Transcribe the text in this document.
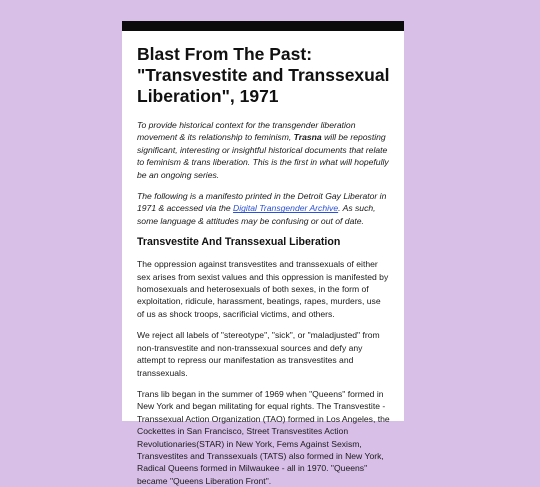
Blast From The Past: "Transvestite and Transsexual Liberation", 1971

To provide historical context for the transgender liberation movement & its relationship to feminism, Trasna will be reposting significant, interesting or insightful historical documents that relate to feminism & trans liberation. This is the first in what will hopefully be an ongoing series.

The following is a manifesto printed in the Detroit Gay Liberator in 1971 & accessed via the Digital Transgender Archive. As such, some language & attitudes may be confusing or out of date.

Transvestite And Transsexual Liberation

The oppression against transvestites and transsexuals of either sex arises from sexist values and this oppression is manifested by homosexuals and heterosexuals of both sexes, in the form of exploitation, ridicule, harassment, beatings, rapes, murders, use of us as shock troops, sacrificial victims, and others.

We reject all labels of "stereotype", "sick", or "maladjusted" from non-transvestite and non-transsexual sources and defy any attempt to repress our manifestation as transvestites and transsexuals.

Trans lib began in the summer of 1969 when "Queens" formed in New York and began militating for equal rights. The Transvestite - Transsexual Action Organization (TAO) formed in Los Angeles, the Cockettes in San Francisco, Street Transvestites Action Revolutionaries(STAR) in New York, Fems Against Sexism, Transvestites and Transsexuals (TATS) also formed in New York, Radical Queens formed in Milwaukee - all in 1970. "Queens" became "Queens Liberation Front".
